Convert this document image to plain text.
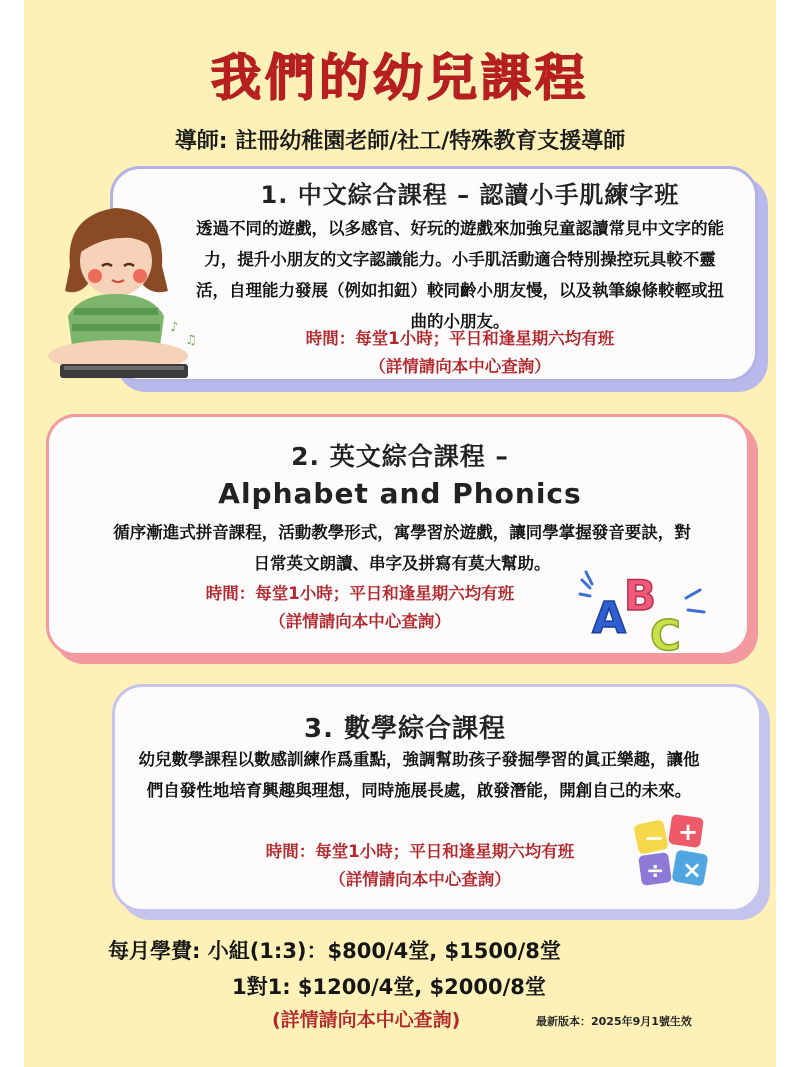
我們的幼兒課程
導師: 註冊幼稚園老師/社工/特殊教育支援導師
1. 中文綜合課程 – 認讀小手肌練字班
透過不同的遊戲，以多感官、好玩的遊戲來加強兒童認讀常見中文字的能力，提升小朋友的文字認識能力。小手肌活動適合特別操控玩具較不靈活，自理能力發展（例如扣鈕）較同齡小朋友慢，以及執筆線條較輕或扭曲的小朋友。
時間：每堂1小時；平日和逢星期六均有班
（詳情請向本中心查詢）
♪
♫
2. 英文綜合課程 –
Alphabet and Phonics
循序漸進式拼音課程，活動教學形式，寓學習於遊戲，讓同學掌握發音要訣，對日常英文朗讀、串字及拼寫有莫大幫助。
時間：每堂1小時；平日和逢星期六均有班
（詳情請向本中心查詢）	A
B
C
3. 數學綜合課程
幼兒數學課程以數感訓練作爲重點，強調幫助孩子發掘學習的眞正樂趣，讓他們自發性地培育興趣與理想，同時施展長處，啟發潛能，開創自己的未來。
時間：每堂1小時；平日和逢星期六均有班
（詳情請向本中心查詢）
− +
÷ ×
每月學費: 小組(1:3)：$800/4堂, $1500/8堂
1對1: $1200/4堂, $2000/8堂
(詳情請向本中心查詢)	最新版本：2025年9月1號生效
